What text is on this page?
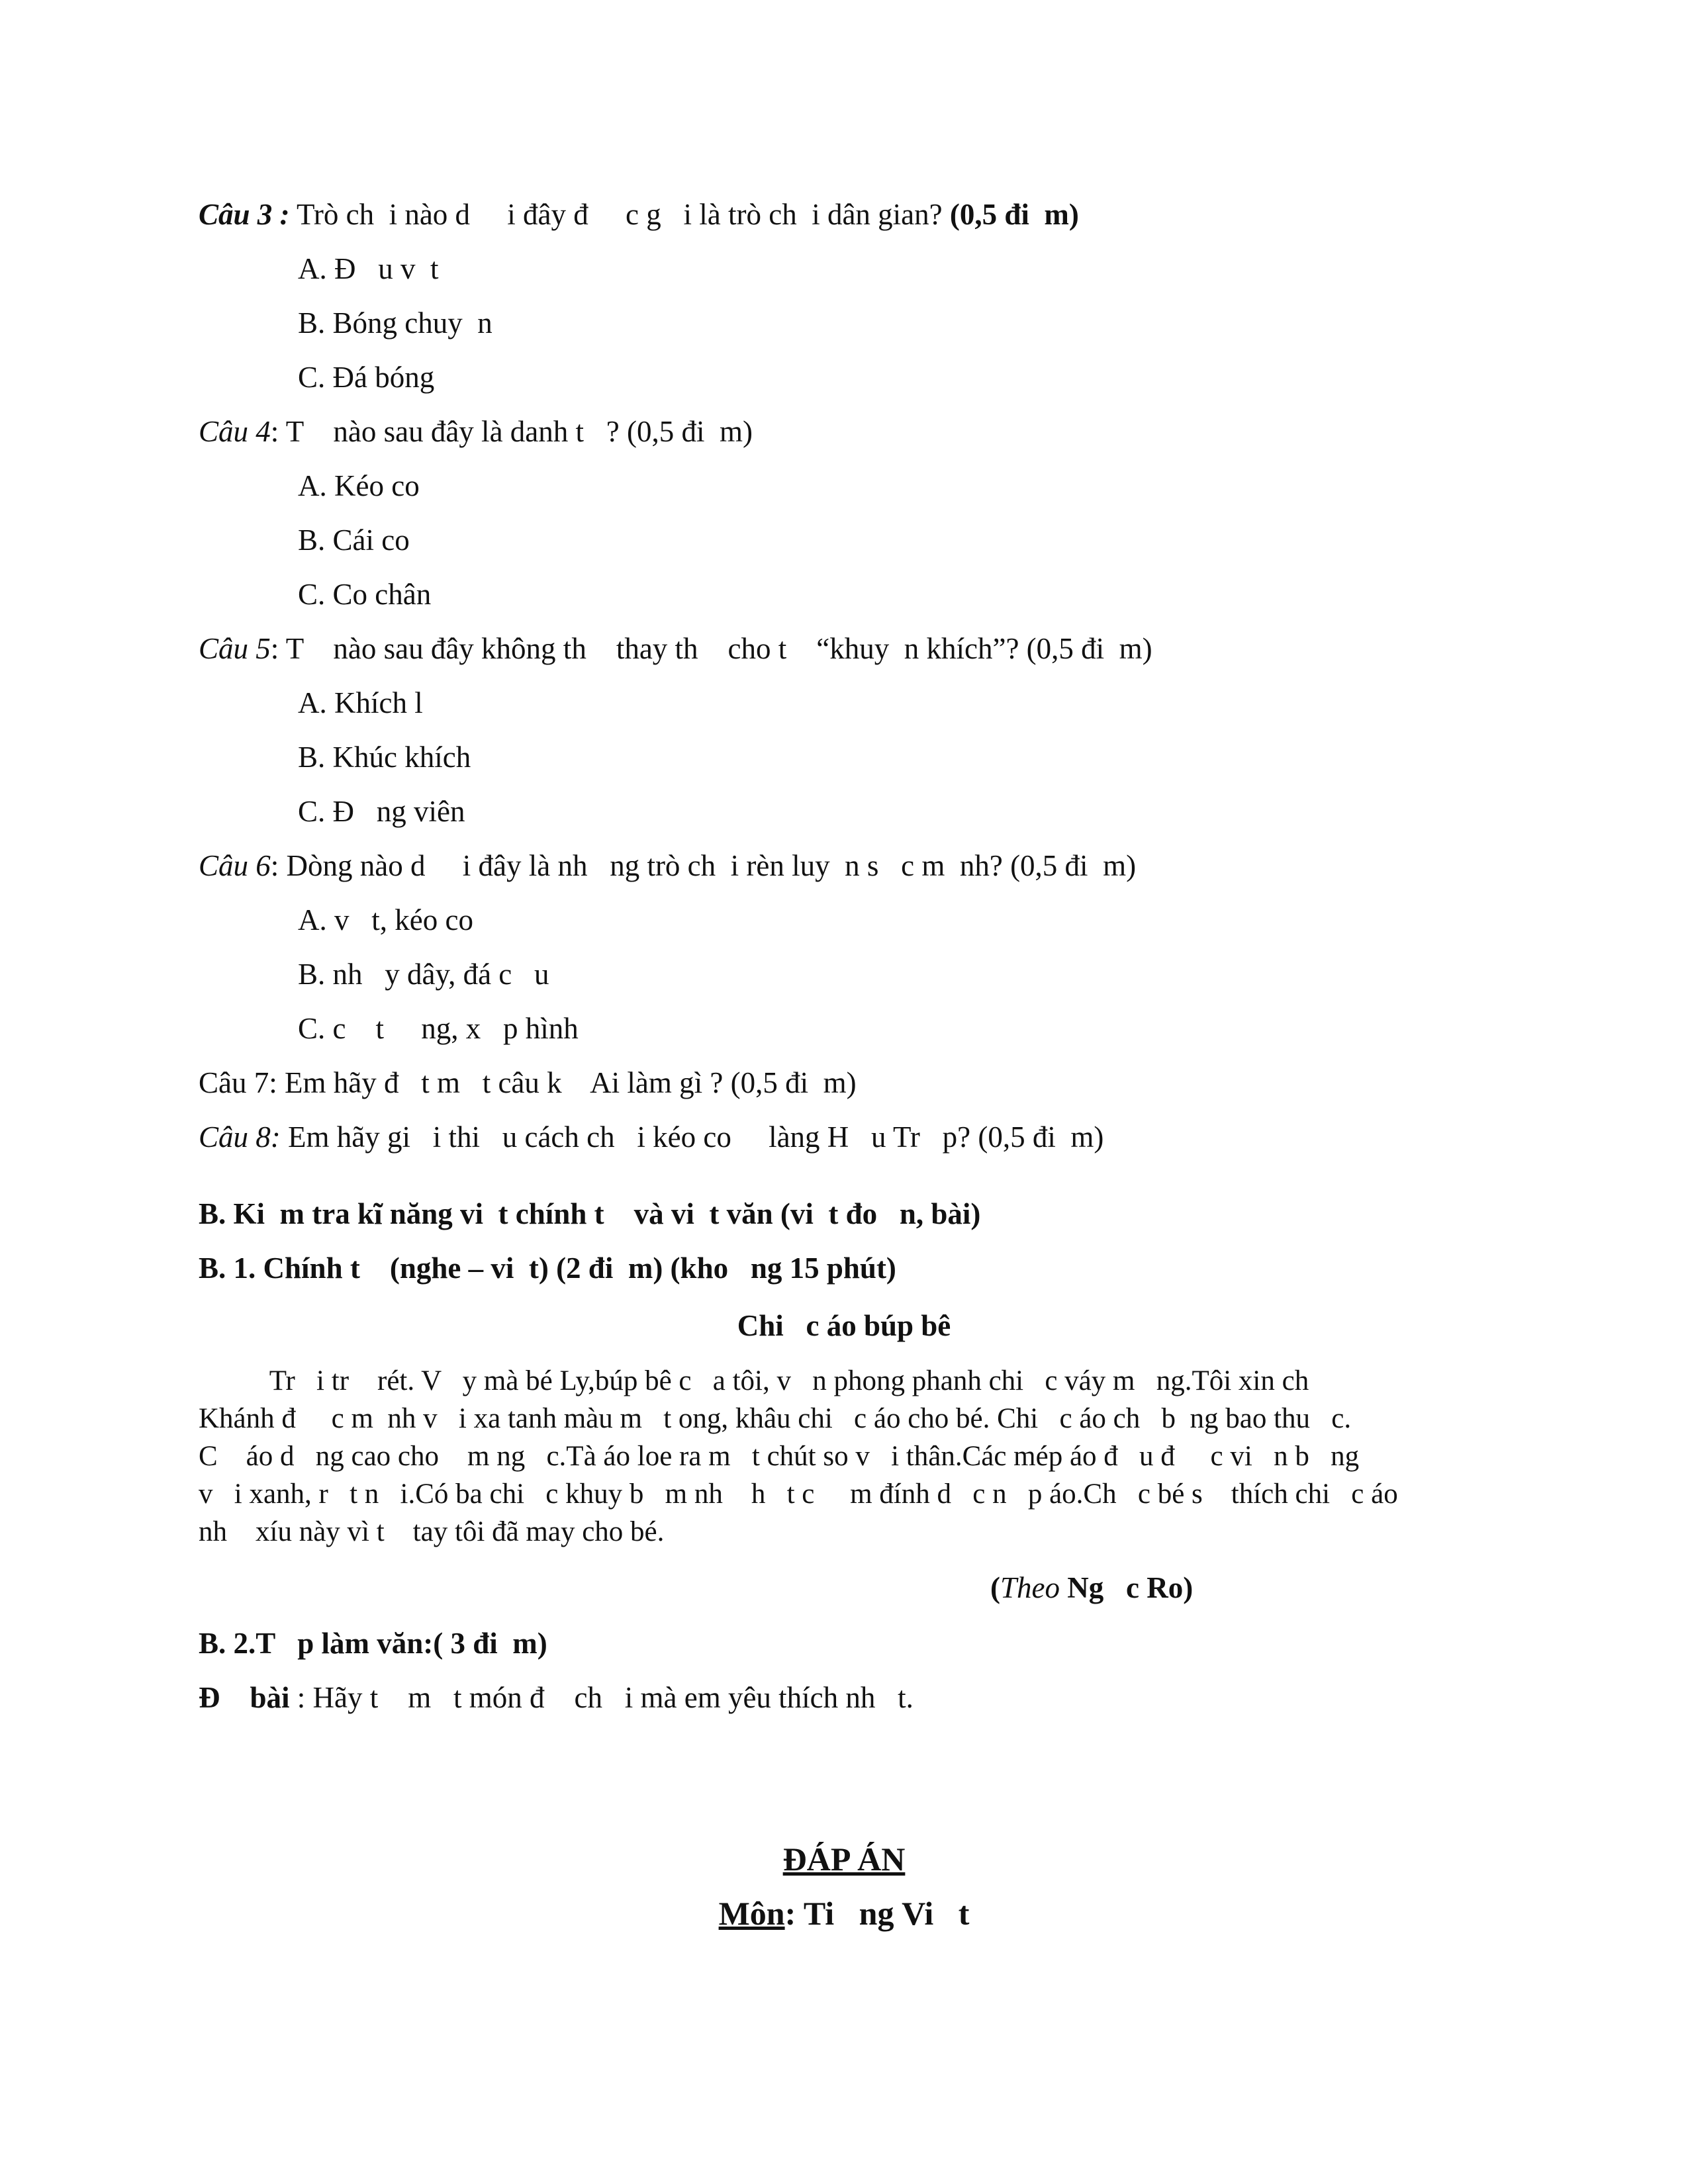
Câu 3 : Trò ch  i nào d     i đây đ     c g   i là trò ch  i dân gian? (0,5 đi  m)
A. Đ   u v  t
B. Bóng chuy  n
C. Đá bóng
Câu 4: T    nào sau đây là danh t   ? (0,5 đi  m)
A. Kéo co
B. Cái co
C. Co chân
Câu 5: T    nào sau đây không th    thay th    cho t    “khuy  n khích”? (0,5 đi  m)
A. Khích l
B. Khúc khích
C. Đ   ng viên
Câu 6: Dòng nào d     i đây là nh   ng trò ch  i rèn luy  n s   c m  nh? (0,5 đi  m)
A. v   t, kéo co
B. nh   y dây, đá c   u
C. c    t     ng, x   p hình
Câu 7: Em hãy đ   t m   t câu k    Ai làm gì ? (0,5 đi  m)
Câu 8: Em hãy gi   i thi   u cách ch   i kéo co     làng H   u Tr   p? (0,5 đi  m)
B. Ki  m tra kĩ năng vi  t chính t    và vi  t văn (vi  t đo   n, bài)
B. 1. Chính t    (nghe – vi  t) (2 đi  m) (kho   ng 15 phút)
Chi   c áo búp bê
Tr   i tr    rét. V   y mà bé Ly,búp bê c   a tôi, v   n phong phanh chi   c váy m   ng.Tôi xin ch
Khánh đ     c m  nh v   i xa tanh màu m   t ong, khâu chi   c áo cho bé. Chi   c áo ch   b  ng bao thu   c.
C    áo d   ng cao cho    m ng   c.Tà áo loe ra m   t chút so v   i thân.Các mép áo đ   u đ     c vi   n b   ng
v   i xanh, r   t n   i.Có ba chi   c khuy b   m nh    h   t c     m đính d   c n   p áo.Ch   c bé s    thích chi   c áo
nh    xíu này vì t    tay tôi đã may cho bé.
(Theo Ng   c Ro)
B. 2.T   p làm văn:( 3 đi  m)
Đ    bài : Hãy t    m   t món đ    ch   i mà em yêu thích nh   t.
ĐÁP ÁN
Môn: Ti   ng Vi   t
